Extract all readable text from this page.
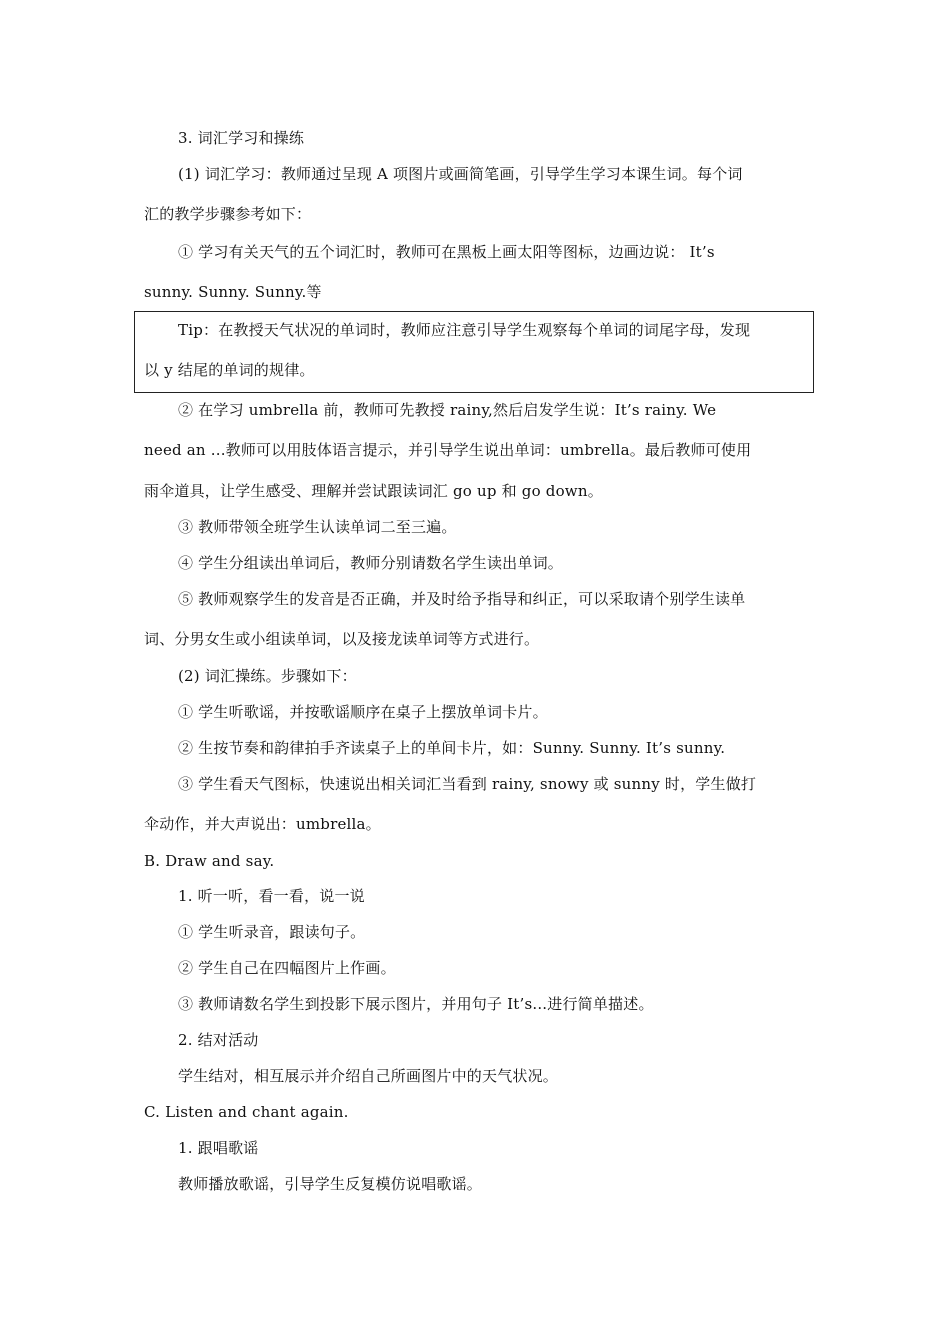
3. 词汇学习和操练
(1) 词汇学习：教师通过呈现 A 项图片或画简笔画，引导学生学习本课生词。每个词
汇的教学步骤参考如下：
① 学习有关天气的五个词汇时，教师可在黑板上画太阳等图标，边画边说： It’s
sunny. Sunny. Sunny.等
Tip：在教授天气状况的单词时，教师应注意引导学生观察每个单词的词尾字母，发现
以 y 结尾的单词的规律。
② 在学习 umbrella 前，教师可先教授 rainy,然后启发学生说：It’s rainy. We
need an ...教师可以用肢体语言提示，并引导学生说出单词：umbrella。最后教师可使用
雨伞道具，让学生感受、理解并尝试跟读词汇 go up 和 go down。
③ 教师带领全班学生认读单词二至三遍。
④ 学生分组读出单词后，教师分别请数名学生读出单词。
⑤ 教师观察学生的发音是否正确，并及时给予指导和纠正，可以采取请个别学生读单
词、分男女生或小组读单词，以及接龙读单词等方式进行。
(2) 词汇操练。步骤如下：
① 学生听歌谣，并按歌谣顺序在桌子上摆放单词卡片。
② 生按节奏和韵律拍手齐读桌子上的单间卡片，如：Sunny. Sunny. It’s sunny.
③ 学生看天气图标，快速说出相关词汇当看到 rainy, snowy 或 sunny 时，学生做打
伞动作，并大声说出：umbrella。
B. Draw and say.
1. 听一听，看一看，说一说
① 学生听录音，跟读句子。
② 学生自己在四幅图片上作画。
③ 教师请数名学生到投影下展示图片，并用句子 It’s...进行简单描述。
2. 结对活动
学生结对，相互展示并介绍自己所画图片中的天气状况。
C. Listen and chant again.
1. 跟唱歌谣
教师播放歌谣，引导学生反复模仿说唱歌谣。
